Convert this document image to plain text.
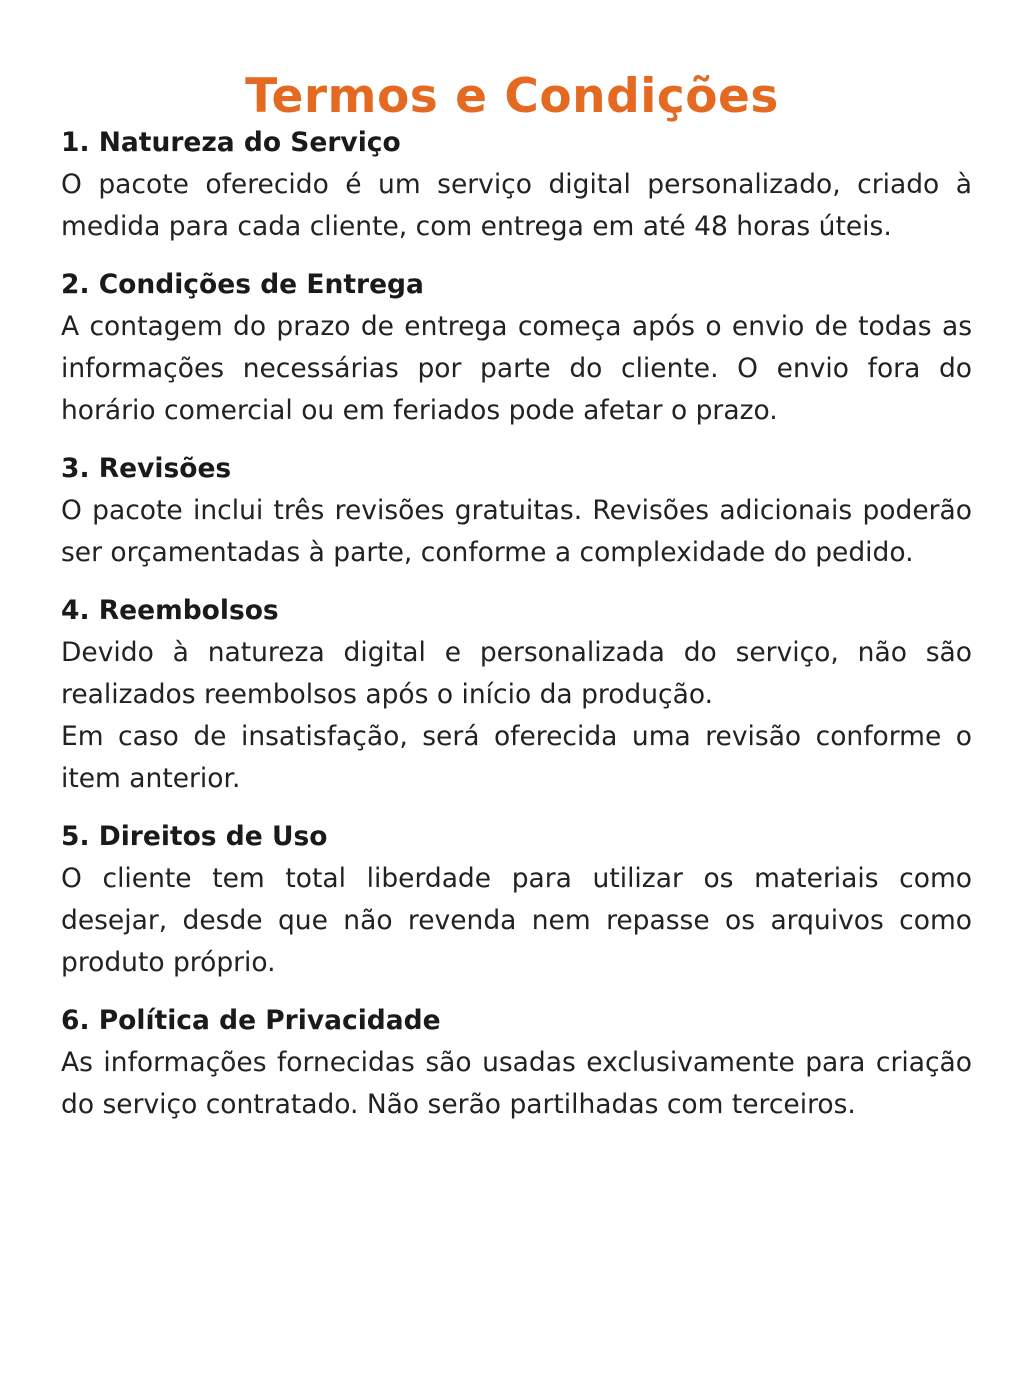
Termos e Condições
1. Natureza do Serviço

O pacote oferecido é um serviço digital personalizado, criado à medida para cada cliente, com entrega em até 48 horas úteis.

2. Condições de Entrega

A contagem do prazo de entrega começa após o envio de todas as informações necessárias por parte do cliente. O envio fora do horário comercial ou em feriados pode afetar o prazo.

3. Revisões

O pacote inclui três revisões gratuitas. Revisões adicionais poderão ser orçamentadas à parte, conforme a complexidade do pedido.

4. Reembolsos

Devido à natureza digital e personalizada do serviço, não são realizados reembolsos após o início da produção.

Em caso de insatisfação, será oferecida uma revisão conforme o item anterior.

5. Direitos de Uso

O cliente tem total liberdade para utilizar os materiais como desejar, desde que não revenda nem repasse os arquivos como produto próprio.

6. Política de Privacidade

As informações fornecidas são usadas exclusivamente para criação do serviço contratado. Não serão partilhadas com terceiros.
